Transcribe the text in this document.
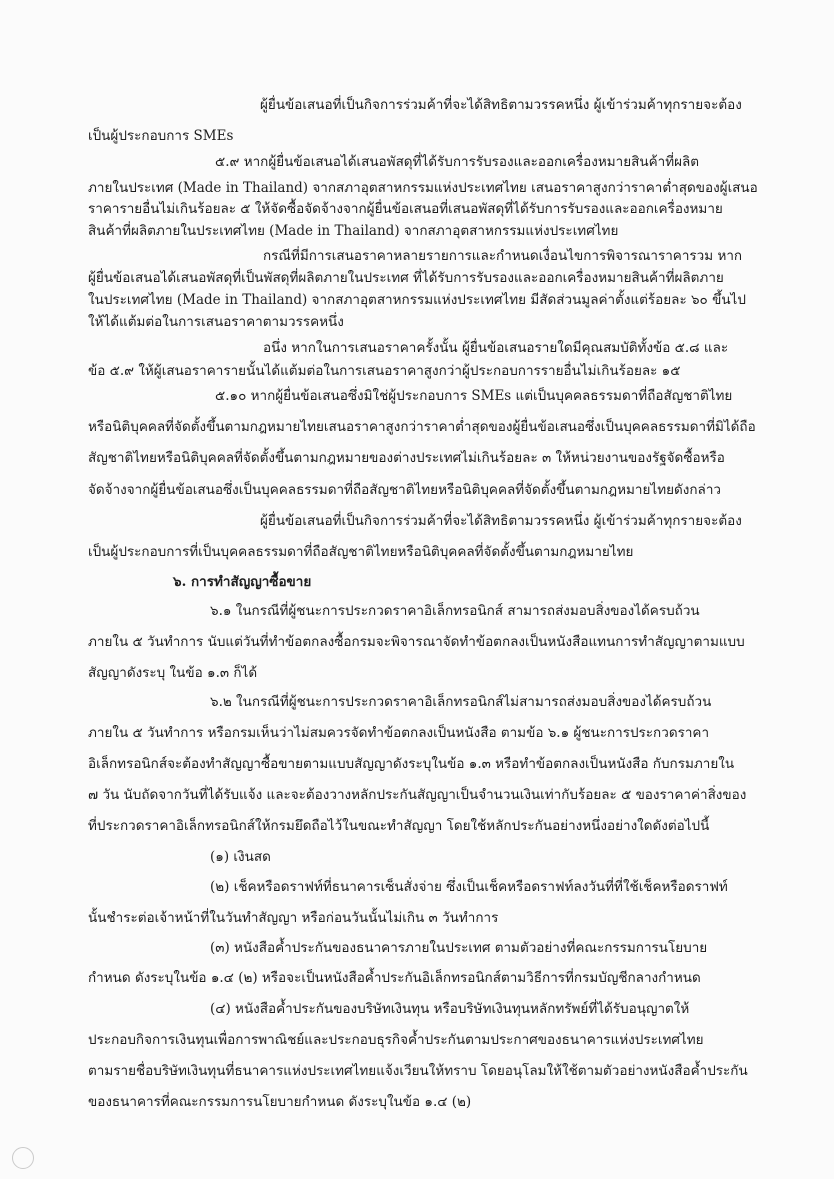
ผู้ยื่นข้อเสนอที่เป็นกิจการร่วมค้าที่จะได้สิทธิตามวรรคหนึ่ง ผู้เข้าร่วมค้าทุกรายจะต้อง

เป็นผู้ประกอบการ SMEs

๕.๙ หากผู้ยื่นข้อเสนอได้เสนอพัสดุที่ได้รับการรับรองและออกเครื่องหมายสินค้าที่ผลิต

ภายในประเทศ (Made in Thailand) จากสภาอุตสาหกรรมแห่งประเทศไทย เสนอราคาสูงกว่าราคาต่ำสุดของผู้เสนอ

ราคารายอื่นไม่เกินร้อยละ ๕ ให้จัดซื้อจัดจ้างจากผู้ยื่นข้อเสนอที่เสนอพัสดุที่ได้รับการรับรองและออกเครื่องหมาย

สินค้าที่ผลิตภายในประเทศไทย (Made in Thailand) จากสภาอุตสาหกรรมแห่งประเทศไทย

กรณีที่มีการเสนอราคาหลายรายการและกำหนดเงื่อนไขการพิจารณาราคารวม หาก

ผู้ยื่นข้อเสนอได้เสนอพัสดุที่เป็นพัสดุที่ผลิตภายในประเทศ ที่ได้รับการรับรองและออกเครื่องหมายสินค้าที่ผลิตภาย

ในประเทศไทย (Made in Thailand) จากสภาอุตสาหกรรมแห่งประเทศไทย มีสัดส่วนมูลค่าตั้งแต่ร้อยละ ๖๐ ขึ้นไป

ให้ได้แต้มต่อในการเสนอราคาตามวรรคหนึ่ง

อนึ่ง หากในการเสนอราคาครั้งนั้น ผู้ยื่นข้อเสนอรายใดมีคุณสมบัติทั้งข้อ ๕.๘ และ

ข้อ ๕.๙ ให้ผู้เสนอราคารายนั้นได้แต้มต่อในการเสนอราคาสูงกว่าผู้ประกอบการรายอื่นไม่เกินร้อยละ ๑๕

๕.๑๐ หากผู้ยื่นข้อเสนอซึ่งมิใช่ผู้ประกอบการ SMEs แต่เป็นบุคคลธรรมดาที่ถือสัญชาติไทย

หรือนิติบุคคลที่จัดตั้งขึ้นตามกฎหมายไทยเสนอราคาสูงกว่าราคาต่ำสุดของผู้ยื่นข้อเสนอซึ่งเป็นบุคคลธรรมดาที่มิได้ถือ

สัญชาติไทยหรือนิติบุคคลที่จัดตั้งขึ้นตามกฎหมายของต่างประเทศไม่เกินร้อยละ ๓ ให้หน่วยงานของรัฐจัดซื้อหรือ

จัดจ้างจากผู้ยื่นข้อเสนอซึ่งเป็นบุคคลธรรมดาที่ถือสัญชาติไทยหรือนิติบุคคลที่จัดตั้งขึ้นตามกฎหมายไทยดังกล่าว

ผู้ยื่นข้อเสนอที่เป็นกิจการร่วมค้าที่จะได้สิทธิตามวรรคหนึ่ง ผู้เข้าร่วมค้าทุกรายจะต้อง

เป็นผู้ประกอบการที่เป็นบุคคลธรรมดาที่ถือสัญชาติไทยหรือนิติบุคคลที่จัดตั้งขึ้นตามกฎหมายไทย

๖. การทำสัญญาซื้อขาย

๖.๑ ในกรณีที่ผู้ชนะการประกวดราคาอิเล็กทรอนิกส์ สามารถส่งมอบสิ่งของได้ครบถ้วน

ภายใน ๕ วันทำการ นับแต่วันที่ทำข้อตกลงซื้อกรมจะพิจารณาจัดทำข้อตกลงเป็นหนังสือแทนการทำสัญญาตามแบบ

สัญญาดังระบุ ในข้อ ๑.๓ ก็ได้

๖.๒ ในกรณีที่ผู้ชนะการประกวดราคาอิเล็กทรอนิกส์ไม่สามารถส่งมอบสิ่งของได้ครบถ้วน

ภายใน ๕ วันทำการ หรือกรมเห็นว่าไม่สมควรจัดทำข้อตกลงเป็นหนังสือ ตามข้อ ๖.๑ ผู้ชนะการประกวดราคา

อิเล็กทรอนิกส์จะต้องทำสัญญาซื้อขายตามแบบสัญญาดังระบุในข้อ ๑.๓ หรือทำข้อตกลงเป็นหนังสือ กับกรมภายใน

๗ วัน นับถัดจากวันที่ได้รับแจ้ง และจะต้องวางหลักประกันสัญญาเป็นจำนวนเงินเท่ากับร้อยละ ๕ ของราคาค่าสิ่งของ

ที่ประกวดราคาอิเล็กทรอนิกส์ให้กรมยึดถือไว้ในขณะทำสัญญา โดยใช้หลักประกันอย่างหนึ่งอย่างใดดังต่อไปนี้

(๑) เงินสด

(๒) เช็คหรือดราฟท์ที่ธนาคารเซ็นสั่งจ่าย ซึ่งเป็นเช็คหรือดราฟท์ลงวันที่ที่ใช้เช็คหรือดราฟท์

นั้นชำระต่อเจ้าหน้าที่ในวันทำสัญญา หรือก่อนวันนั้นไม่เกิน ๓ วันทำการ

(๓) หนังสือค้ำประกันของธนาคารภายในประเทศ ตามตัวอย่างที่คณะกรรมการนโยบาย

กำหนด ดังระบุในข้อ ๑.๔ (๒) หรือจะเป็นหนังสือค้ำประกันอิเล็กทรอนิกส์ตามวิธีการที่กรมบัญชีกลางกำหนด

(๔) หนังสือค้ำประกันของบริษัทเงินทุน หรือบริษัทเงินทุนหลักทรัพย์ที่ได้รับอนุญาตให้

ประกอบกิจการเงินทุนเพื่อการพาณิชย์และประกอบธุรกิจค้ำประกันตามประกาศของธนาคารแห่งประเทศไทย

ตามรายชื่อบริษัทเงินทุนที่ธนาคารแห่งประเทศไทยแจ้งเวียนให้ทราบ โดยอนุโลมให้ใช้ตามตัวอย่างหนังสือค้ำประกัน

ของธนาคารที่คณะกรรมการนโยบายกำหนด ดังระบุในข้อ ๑.๔ (๒)
